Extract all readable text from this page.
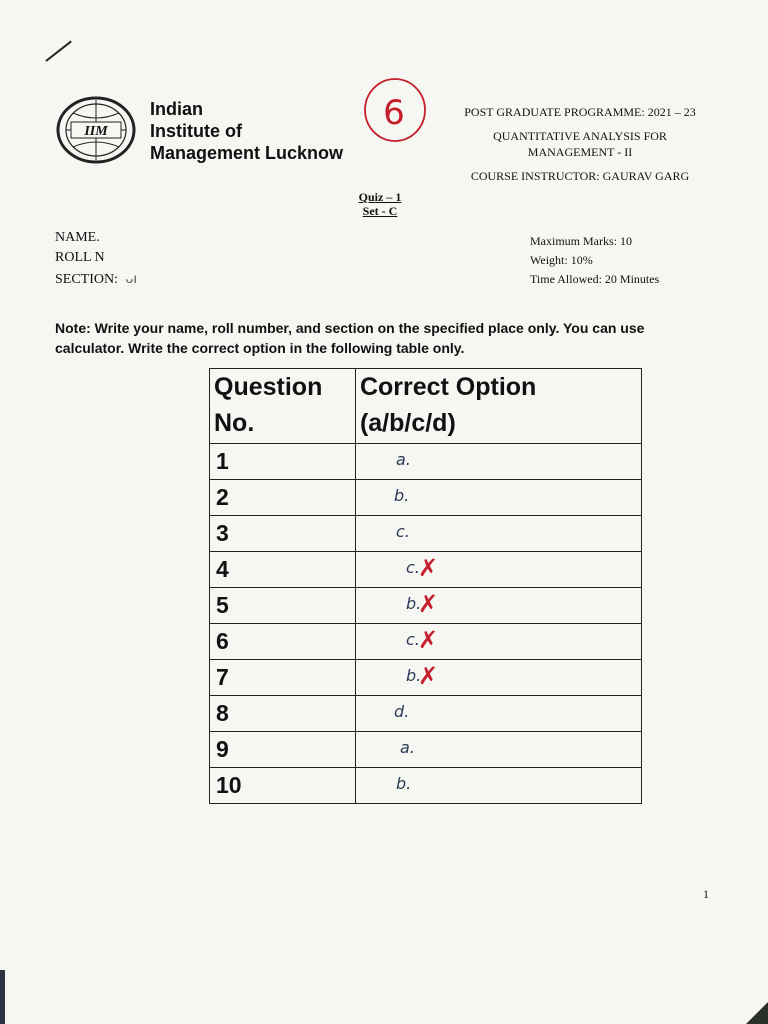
IIM
Indian
Institute of
Management Lucknow
6	POST GRADUATE PROGRAMME: 2021 – 23
QUANTITATIVE ANALYSIS FOR
MANAGEMENT - II
COURSE INSTRUCTOR: GAURAV GARG
Quiz – 1
Set - C
NAME.
ROLL N
SECTION: ᴗı
Maximum Marks: 10
Weight: 10%
Time Allowed: 20 Minutes
Note: Write your name, roll number, and section on the specified place only. You can use calculator. Write the correct option in the following table only.
Question
No.	Correct Option
(a/b/c/d)
1	a.

2	b.

3	c.

4	c.
✗

5	b.
✗

6	c.
✗

7	b.
✗

8	d.

9	a.

10	b.
1
